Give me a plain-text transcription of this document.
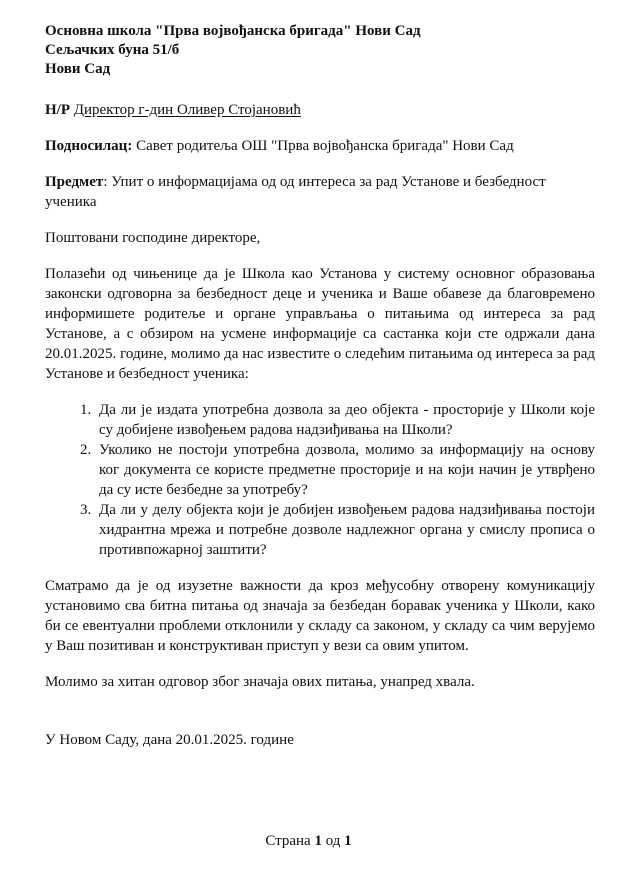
Основна школа "Прва војвођанска бригада" Нови Сад
Сељачких буна 51/б
Нови Сад

Н/Р Директор г-дин Оливер Стојановић

Подносилац: Савет родитеља ОШ "Прва војвођанска бригада" Нови Сад

Предмет: Упит о информацијама од од интереса за рад Установе и безбедност ученика

Поштовани господине директоре,

Полазећи од чињенице да је Школа као Установа у систему основног образовања законски одговорна за безбедност деце и ученика и Ваше обавезе да благовремено информишете родитеље и органе управљања о питањима од интереса за рад Установе, а с обзиром на усмене информације са састанка који сте одржали дана 20.01.2025. године, молимо да нас известите о следећим питањима од интереса за рад Установе и безбедност ученика:

1. Да ли је издата употребна дозвола за део објекта - просторије у Школи које су добијене извођењем радова надзиђивања на Школи?
2. Уколико не постоји употребна дозвола, молимо за информацију на основу ког документа се користе предметне просторије и на који начин је утврђено да су исте безбедне за употребу?
3. Да ли у делу објекта који је добијен извођењем радова надзиђивања постоји хидрантна мрежа и потребне дозволе надлежног органа у смислу прописа о противпожарној заштити?

Сматрамо да је од изузетне важности да кроз међусобну отворену комуникацију установимо сва битна питања од значаја за безбедан боравак ученика у Школи, како би се евентуални проблеми отклонили у складу са законом, у складу са чим верујемо у Ваш позитиван и конструктиван приступ у вези са овим упитом.

Молимо за хитан одговор због значаја ових питања, унапред хвала.

У Новом Саду, дана 20.01.2025. године

Страна 1 од 1
